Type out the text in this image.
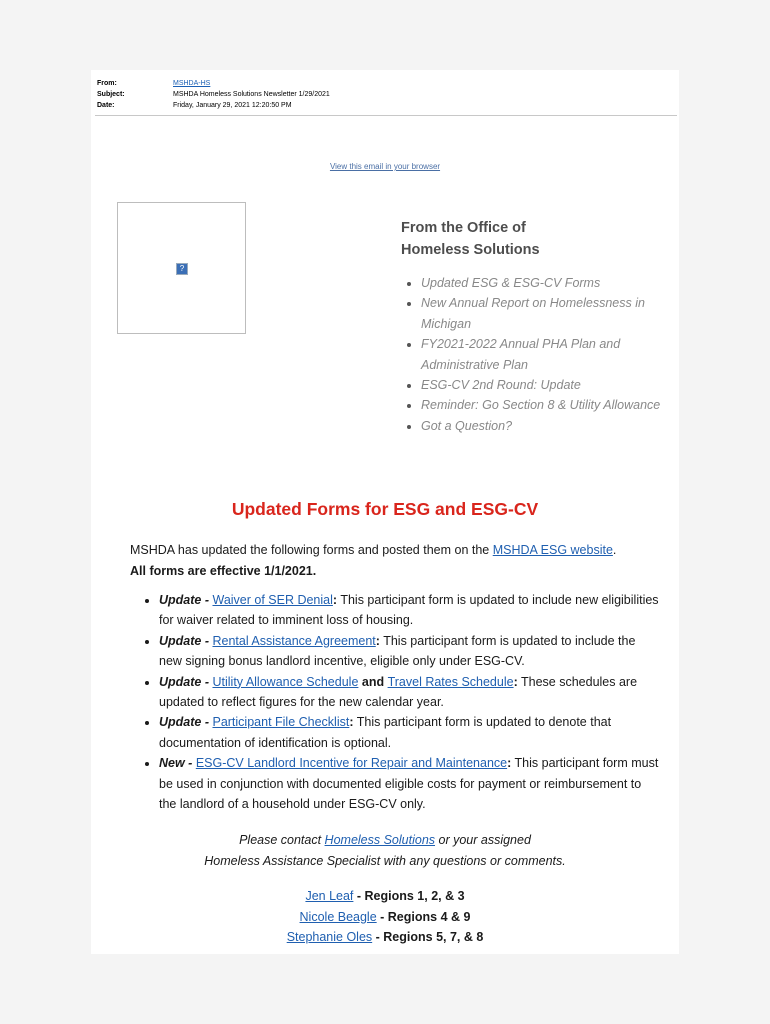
From:	MSHDA-HS
Subject:	MSHDA Homeless Solutions Newsletter 1/29/2021
Date:	Friday, January 29, 2021 12:20:50 PM
View this email in your browser
?
From the Office of
Homeless Solutions
• Updated ESG & ESG-CV Forms
• New Annual Report on Homelessness in Michigan
• FY2021-2022 Annual PHA Plan and Administrative Plan
• ESG-CV 2nd Round: Update
• Reminder: Go Section 8 & Utility Allowance
• Got a Question?
Updated Forms for ESG and ESG-CV
MSHDA has updated the following forms and posted them on the MSHDA ESG website.
All forms are effective 1/1/2021.
• Update - Waiver of SER Denial: This participant form is updated to include new eligibilities for waiver related to imminent loss of housing.
• Update - Rental Assistance Agreement: This participant form is updated to include the new signing bonus landlord incentive, eligible only under ESG-CV.
• Update - Utility Allowance Schedule and Travel Rates Schedule: These schedules are updated to reflect figures for the new calendar year.
• Update - Participant File Checklist: This participant form is updated to denote that documentation of identification is optional.
• New - ESG-CV Landlord Incentive for Repair and Maintenance: This participant form must be used in conjunction with documented eligible costs for payment or reimbursement to the landlord of a household under ESG-CV only.
Please contact Homeless Solutions or your assigned
Homeless Assistance Specialist with any questions or comments.
Jen Leaf - Regions 1, 2, & 3
Nicole Beagle - Regions 4 & 9
Stephanie Oles - Regions 5, 7, & 8
